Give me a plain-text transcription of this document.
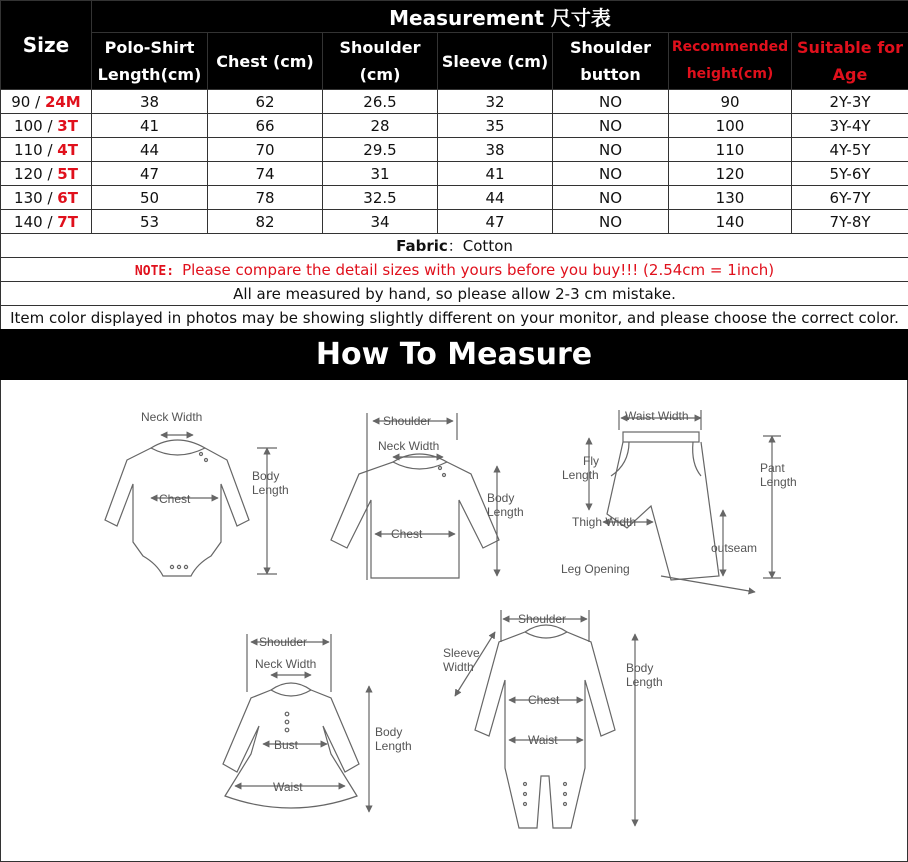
Size	Measurement 尺寸表						
	Polo-Shirt Length(cm)	Chest (cm)	Shoulder (cm)	Sleeve (cm)	Shoulder button	Recommended height(cm)	Suitable for Age
90 / 24M	38	62	26.5	32	NO	90	2Y-3Y
100 / 3T	41	66	28	35	NO	100	3Y-4Y
110 / 4T	44	70	29.5	38	NO	110	4Y-5Y
120 / 5T	47	74	31	41	NO	120	5Y-6Y
130 / 6T	50	78	32.5	44	NO	130	6Y-7Y
140 / 7T	53	82	34	47	NO	140	7Y-8Y
Fabric：Cotton							
NOTE: Please compare the detail sizes with yours before you buy!!! (2.54cm = 1inch)							
All are measured by hand, so please allow 2-3 cm mistake.							
Item color displayed in photos may be showing slightly different on your monitor, and please choose the correct color.							
How To Measure
Neck Width
Chest
Body
Length
Shoulder
Neck Width
Chest
Body
Length
Waist Width
Fly
Length	Pant
Length
Thigh Width
outseam
Leg Opening
Shoulder
Neck Width
Bust
Waist
Body
Length
Shoulder
Sleeve
Width
Chest
Waist
Body
Length
